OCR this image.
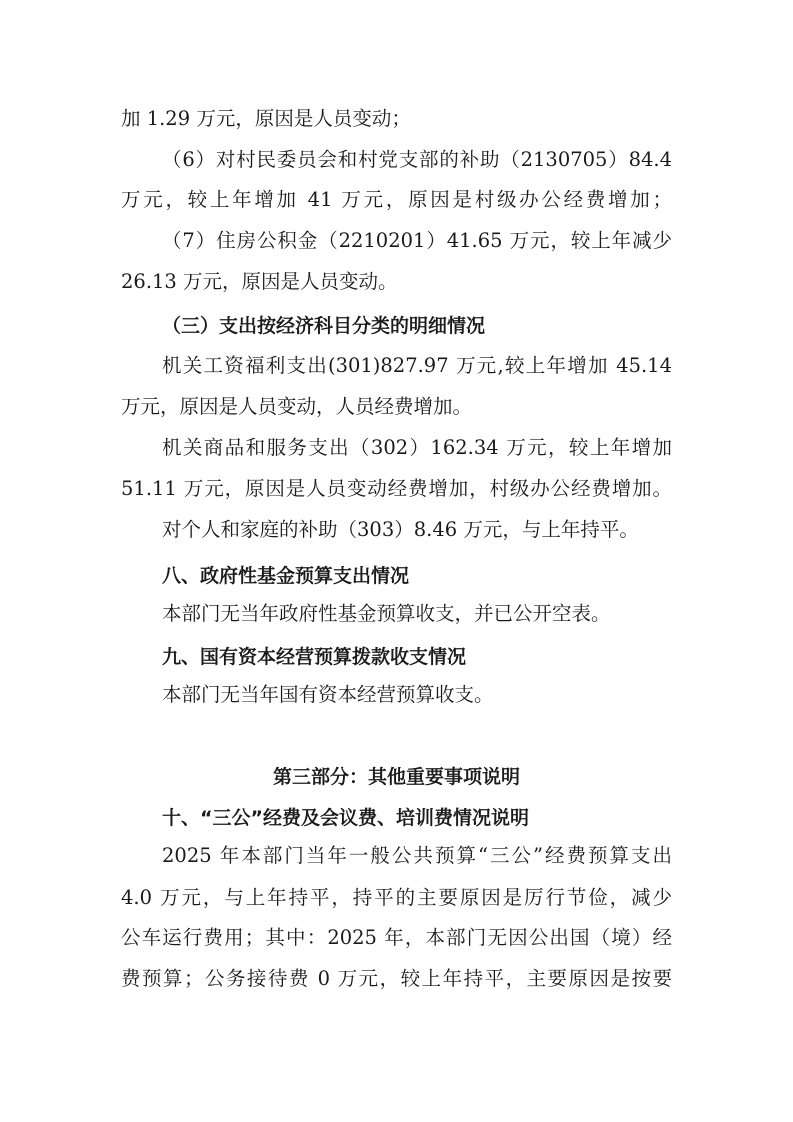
加 1.29 万元，原因是人员变动；
（6）对村民委员会和村党支部的补助（2130705）84.4
万元，较上年增加 41 万元，原因是村级办公经费增加；
（7）住房公积金（2210201）41.65 万元，较上年减少
26.13 万元，原因是人员变动。
（三）支出按经济科目分类的明细情况
机关工资福利支出(301)827.97 万元,较上年增加 45.14
万元，原因是人员变动，人员经费增加。
机关商品和服务支出（302）162.34 万元，较上年增加
51.11 万元，原因是人员变动经费增加，村级办公经费增加。
对个人和家庭的补助（303）8.46 万元，与上年持平。
八、政府性基金预算支出情况
本部门无当年政府性基金预算收支，并已公开空表。
九、国有资本经营预算拨款收支情况
本部门无当年国有资本经营预算收支。
第三部分：其他重要事项说明
十、“三公”经费及会议费、培训费情况说明
2025 年本部门当年一般公共预算“三公”经费预算支出
4.0 万元，与上年持平，持平的主要原因是厉行节俭，减少
公车运行费用；其中：2025 年，本部门无因公出国（境）经
费预算；公务接待费 0 万元，较上年持平，主要原因是按要
